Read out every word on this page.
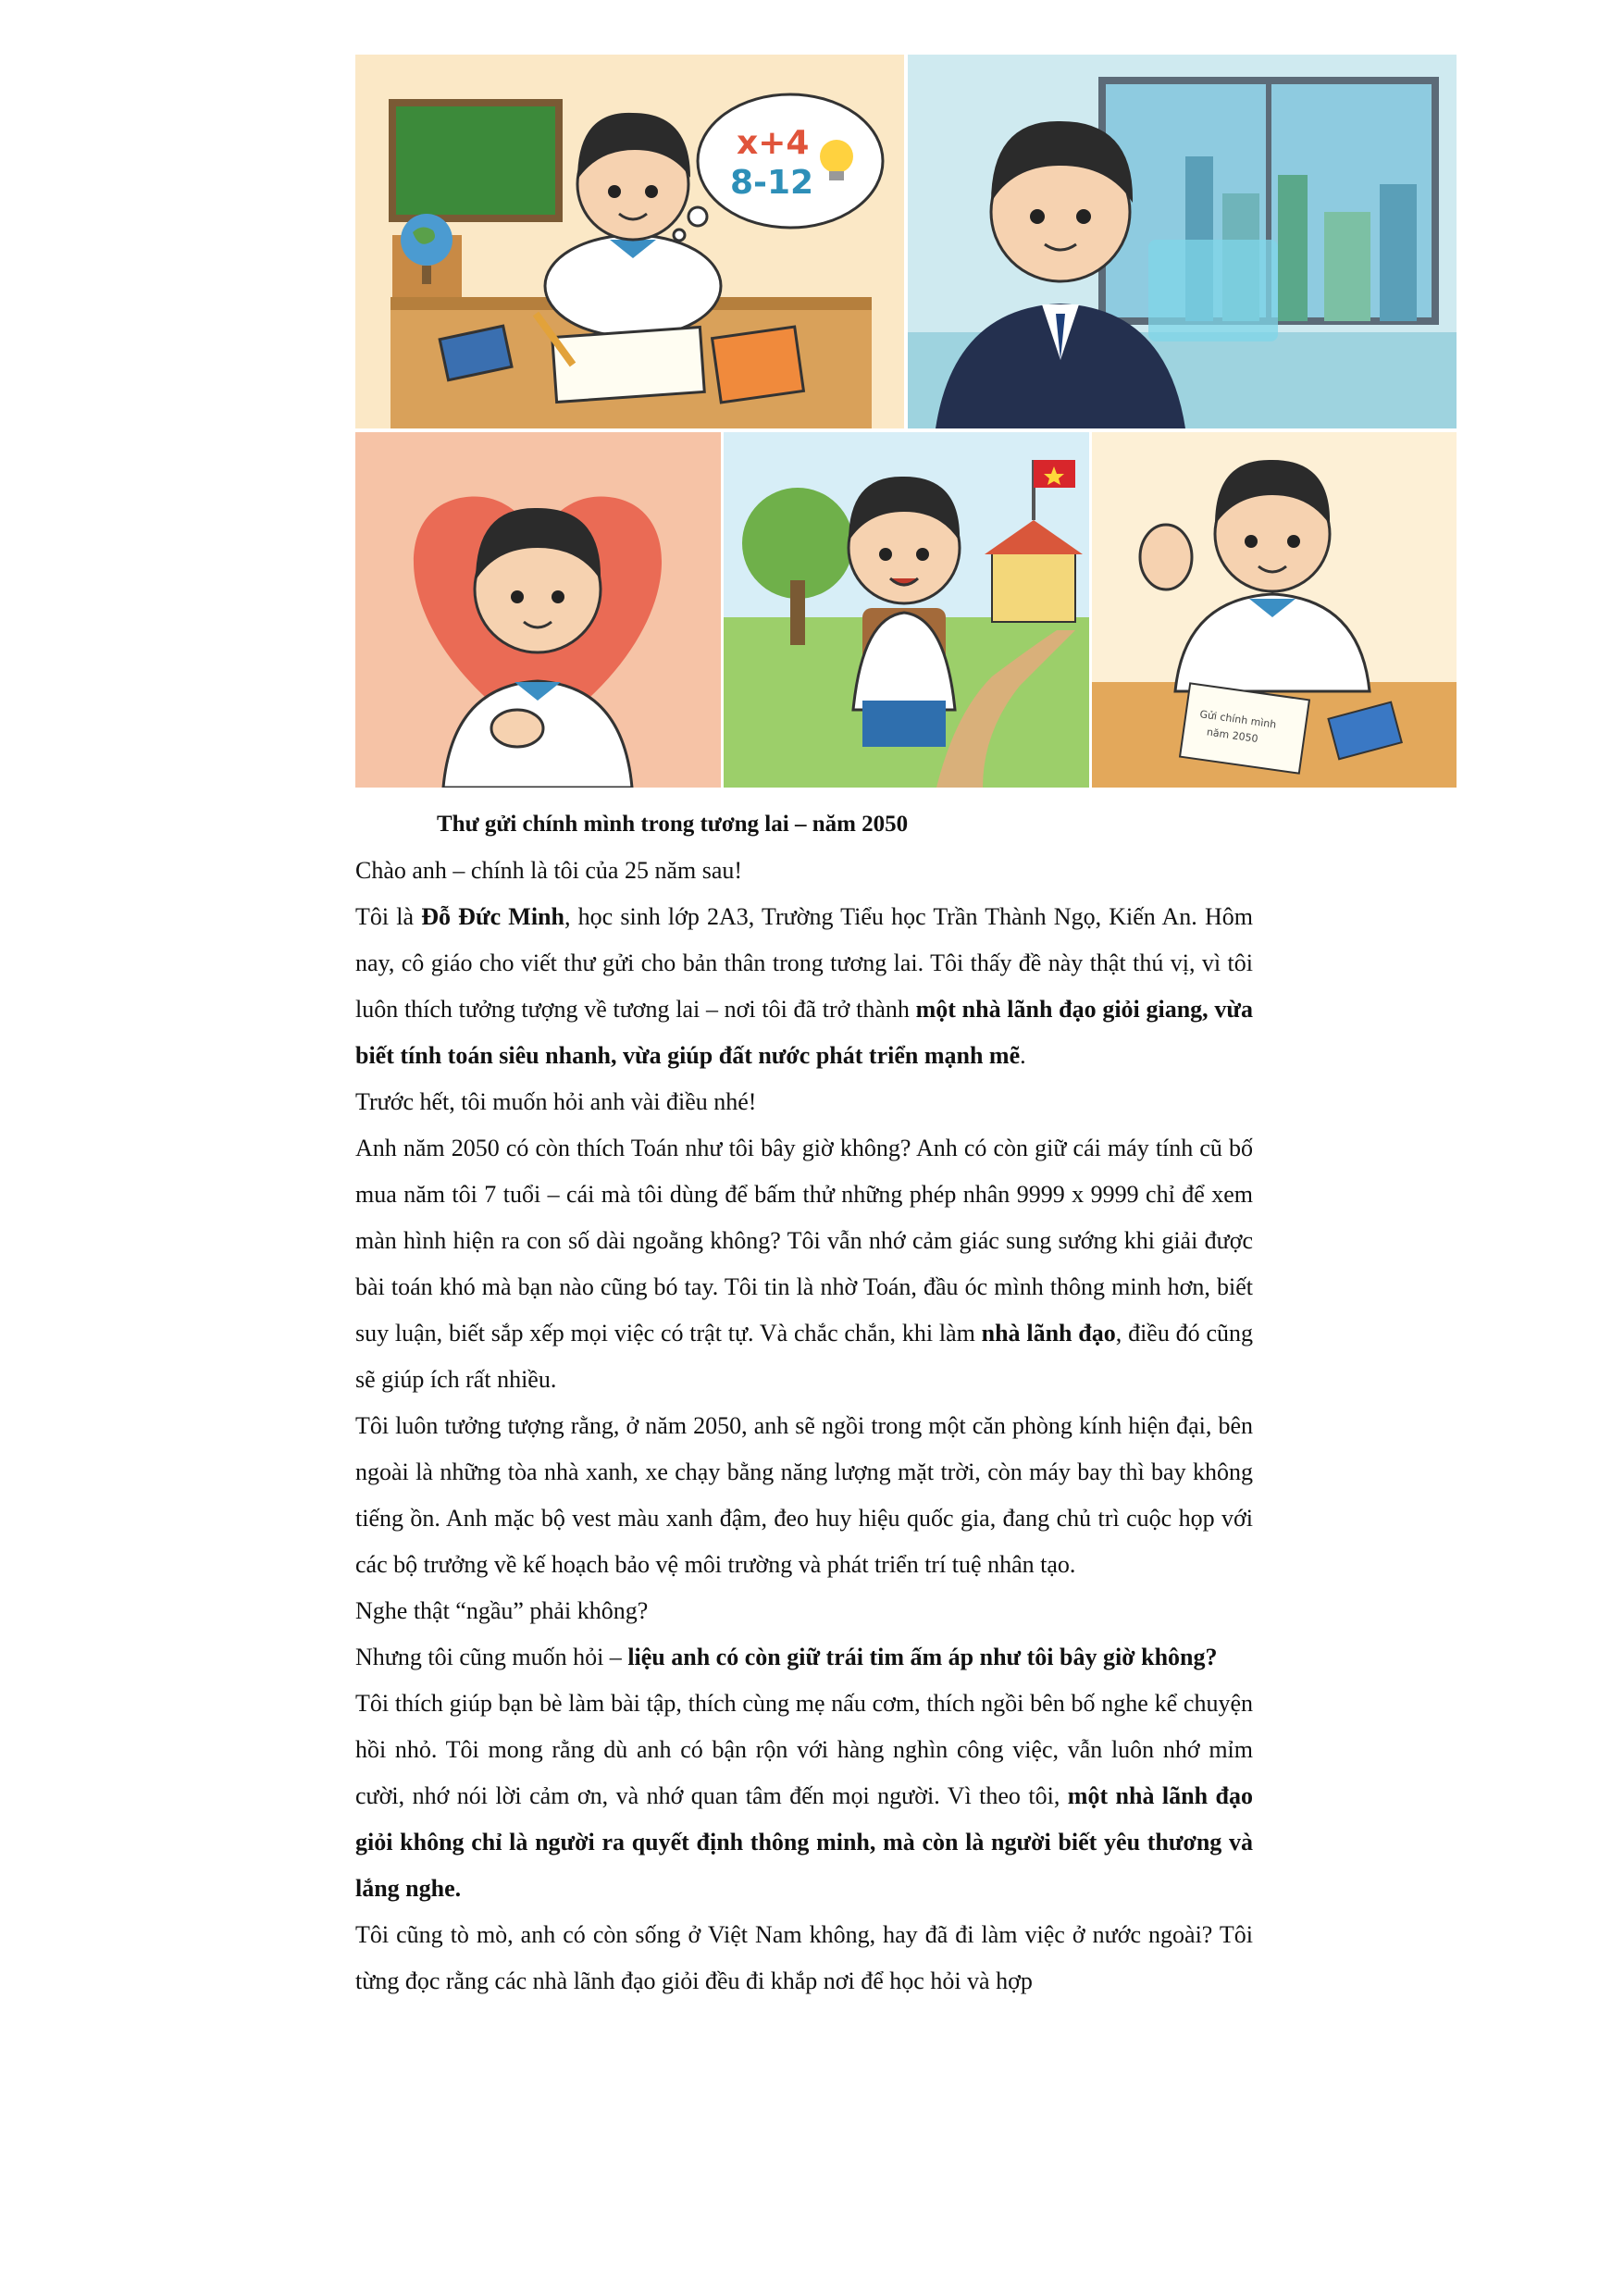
x+4
8-12
Gửi chính mình
năm 2050

Thư gửi chính mình trong tương lai – năm 2050

Chào anh – chính là tôi của 25 năm sau!

Tôi là Đỗ Đức Minh, học sinh lớp 2A3, Trường Tiểu học Trần Thành Ngọ, Kiến An. Hôm nay, cô giáo cho viết thư gửi cho bản thân trong tương lai. Tôi thấy đề này thật thú vị, vì tôi luôn thích tưởng tượng về tương lai – nơi tôi đã trở thành một nhà lãnh đạo giỏi giang, vừa biết tính toán siêu nhanh, vừa giúp đất nước phát triển mạnh mẽ.

Trước hết, tôi muốn hỏi anh vài điều nhé!

Anh năm 2050 có còn thích Toán như tôi bây giờ không? Anh có còn giữ cái máy tính cũ bố mua năm tôi 7 tuổi – cái mà tôi dùng để bấm thử những phép nhân 9999 x 9999 chỉ để xem màn hình hiện ra con số dài ngoằng không? Tôi vẫn nhớ cảm giác sung sướng khi giải được bài toán khó mà bạn nào cũng bó tay. Tôi tin là nhờ Toán, đầu óc mình thông minh hơn, biết suy luận, biết sắp xếp mọi việc có trật tự. Và chắc chắn, khi làm nhà lãnh đạo, điều đó cũng sẽ giúp ích rất nhiều.

Tôi luôn tưởng tượng rằng, ở năm 2050, anh sẽ ngồi trong một căn phòng kính hiện đại, bên ngoài là những tòa nhà xanh, xe chạy bằng năng lượng mặt trời, còn máy bay thì bay không tiếng ồn. Anh mặc bộ vest màu xanh đậm, đeo huy hiệu quốc gia, đang chủ trì cuộc họp với các bộ trưởng về kế hoạch bảo vệ môi trường và phát triển trí tuệ nhân tạo.

Nghe thật “ngầu” phải không?

Nhưng tôi cũng muốn hỏi – liệu anh có còn giữ trái tim ấm áp như tôi bây giờ không?

Tôi thích giúp bạn bè làm bài tập, thích cùng mẹ nấu cơm, thích ngồi bên bố nghe kể chuyện hồi nhỏ. Tôi mong rằng dù anh có bận rộn với hàng nghìn công việc, vẫn luôn nhớ mỉm cười, nhớ nói lời cảm ơn, và nhớ quan tâm đến mọi người. Vì theo tôi, một nhà lãnh đạo giỏi không chỉ là người ra quyết định thông minh, mà còn là người biết yêu thương và lắng nghe.

Tôi cũng tò mò, anh có còn sống ở Việt Nam không, hay đã đi làm việc ở nước ngoài? Tôi từng đọc rằng các nhà lãnh đạo giỏi đều đi khắp nơi để học hỏi và hợp
